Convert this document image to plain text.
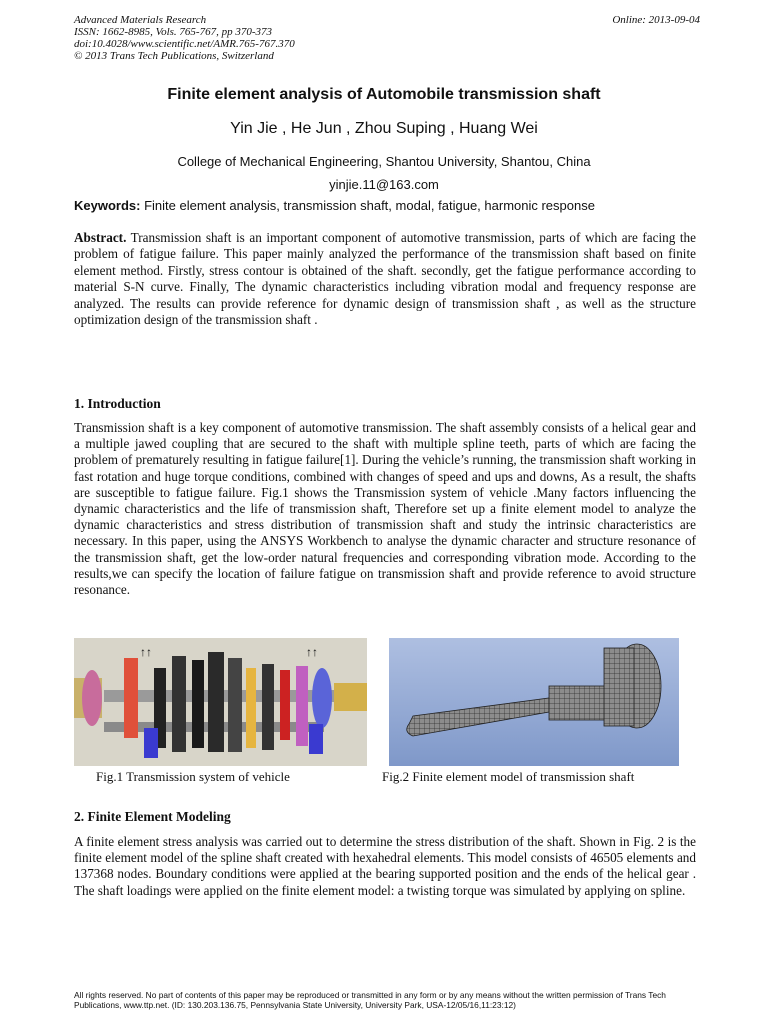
Advanced Materials Research
ISSN: 1662-8985, Vols. 765-767, pp 370-373
doi:10.4028/www.scientific.net/AMR.765-767.370
© 2013 Trans Tech Publications, Switzerland
Online: 2013-09-04
Finite element analysis of Automobile transmission shaft
Yin Jie , He Jun , Zhou Suping , Huang Wei
College of Mechanical Engineering, Shantou University, Shantou, China
yinjie.11@163.com
Keywords: Finite element analysis, transmission shaft, modal, fatigue, harmonic response
Abstract. Transmission shaft is an important component of automotive transmission, parts of which are facing the problem of fatigue failure. This paper mainly analyzed the performance of the transmission shaft based on finite element method. Firstly, stress contour is obtained of the shaft. secondly, get the fatigue performance according to material S-N curve. Finally, The dynamic characteristics including vibration modal and frequency response are analyzed. The results can provide reference for dynamic design of transmission shaft , as well as the structure optimization design of the transmission shaft .
1. Introduction
Transmission shaft is a key component of automotive transmission. The shaft assembly consists of a helical gear and a multiple jawed coupling that are secured to the shaft with multiple spline teeth, parts of which are facing the problem of prematurely resulting in fatigue failure[1]. During the vehicle’s running, the transmission shaft working in fast rotation and huge torque conditions, combined with changes of speed and ups and downs, As a result, the shafts are susceptible to fatigue failure. Fig.1 shows the Transmission system of vehicle .Many factors influencing the dynamic characteristics and the life of transmission shaft, Therefore set up a finite element model to analyze the dynamic characteristics and stress distribution of transmission shaft and study the intrinsic characteristics are necessary. In this paper, using the ANSYS Workbench to analyse the dynamic character and structure resonance of the transmission shaft, get the low-order natural frequencies and corresponding vibration mode. According to the results,we can specify the location of failure fatigue on transmission shaft and provide reference to avoid structure resonance.
↑↑	↑↑
Fig.1 Transmission system of vehicle	Fig.2 Finite element model of transmission shaft
2. Finite Element Modeling
A finite element stress analysis was carried out to determine the stress distribution of the shaft. Shown in Fig. 2 is the finite element model of the spline shaft created with hexahedral elements. This model consists of 46505 elements and 137368 nodes. Boundary conditions were applied at the bearing supported position and the ends of the helical gear . The shaft loadings were applied on the finite element model: a twisting torque was simulated by applying on spline.
All rights reserved. No part of contents of this paper may be reproduced or transmitted in any form or by any means without the written permission of Trans Tech Publications, www.ttp.net. (ID: 130.203.136.75, Pennsylvania State University, University Park, USA-12/05/16,11:23:12)
